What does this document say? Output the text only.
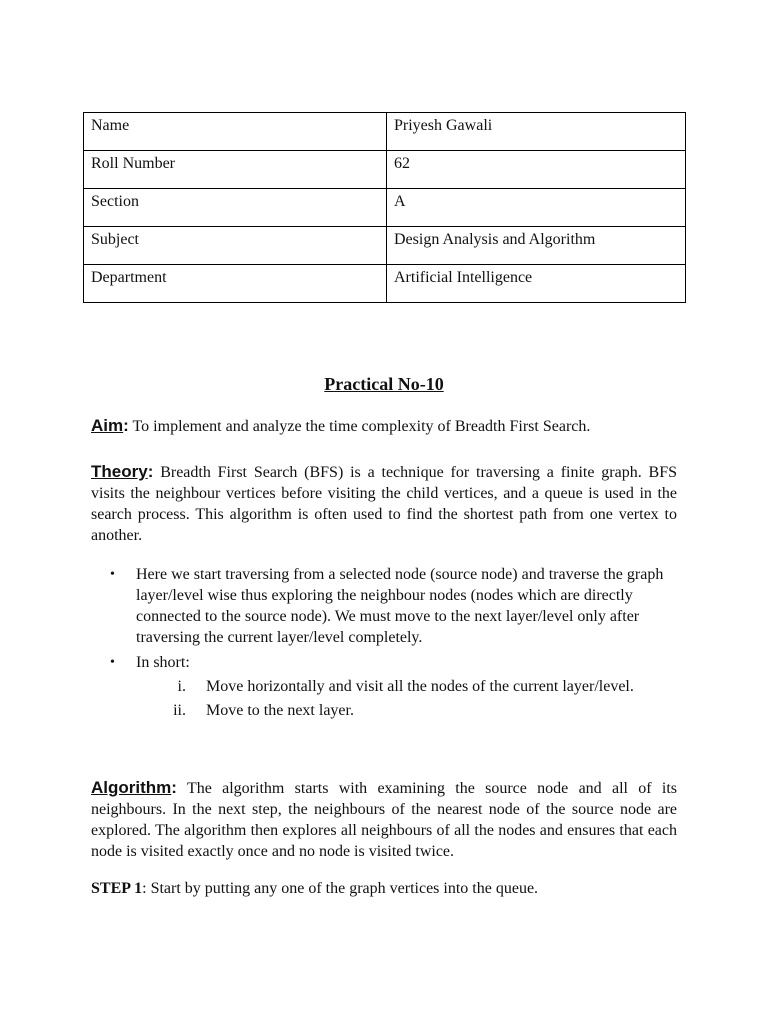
Name	Priyesh Gawali
Roll Number	62
Section	A
Subject	Design Analysis and Algorithm
Department	Artificial Intelligence
Practical No-10
Aim: To implement and analyze the time complexity of Breadth First Search.
Theory: Breadth First Search (BFS) is a technique for traversing a finite graph. BFS visits the neighbour vertices before visiting the child vertices, and a queue is used in the search process. This algorithm is often used to find the shortest path from one vertex to another.
• Here we start traversing from a selected node (source node) and traverse the graph layer/level wise thus exploring the neighbour nodes (nodes which are directly connected to the source node). We must move to the next layer/level only after traversing the current layer/level completely.
• In short:
i. Move horizontally and visit all the nodes of the current layer/level.
ii. Move to the next layer.
Algorithm: The algorithm starts with examining the source node and all of its neighbours. In the next step, the neighbours of the nearest node of the source node are explored. The algorithm then explores all neighbours of all the nodes and ensures that each node is visited exactly once and no node is visited twice.
STEP 1: Start by putting any one of the graph vertices into the queue.
